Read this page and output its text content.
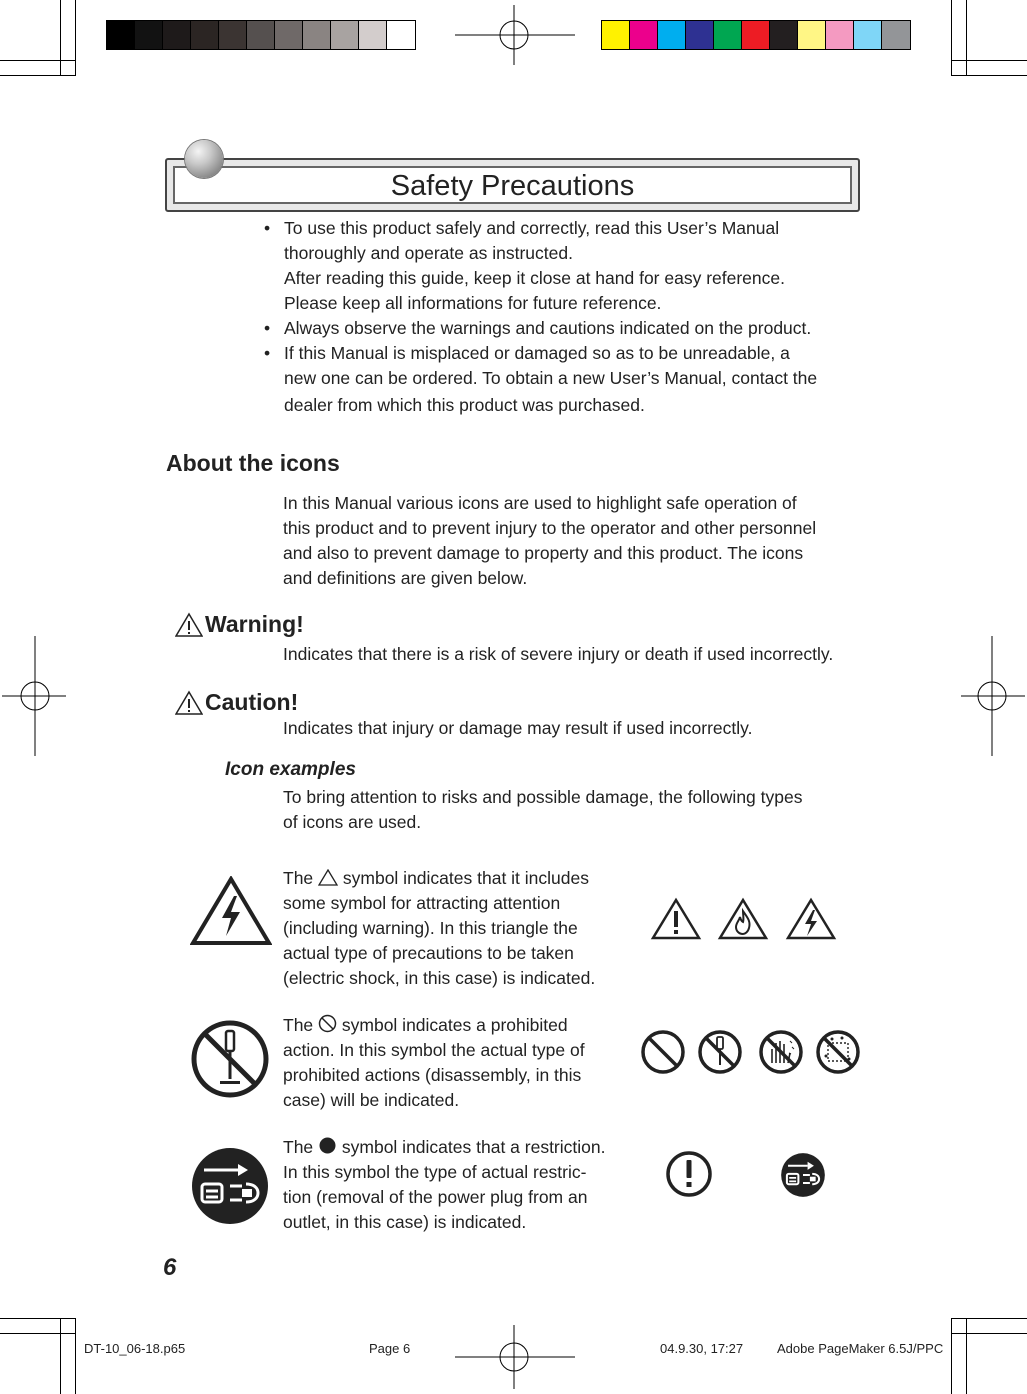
Safety Precautions
• To use this product safely and correctly, read this User’s Manual
thoroughly and operate as instructed.
After reading this guide, keep it close at hand for easy reference.
Please keep all informations for future reference.
• Always observe the warnings and cautions indicated on the product.
• If this Manual is misplaced or damaged so as to be unreadable, a
new one can be ordered. To obtain a new User’s Manual, contact the
dealer from which this product was purchased.
About the icons
In this Manual various icons are used to highlight safe operation of
this product and to prevent injury to the operator and other personnel
and also to prevent damage to property and this product. The icons
and definitions are given below.
Warning!
Indicates that there is a risk of severe injury or death if used incorrectly.
Caution!
Indicates that injury or damage may result if used incorrectly.
Icon examples
To bring attention to risks and possible damage, the following types
of icons are used.
The  symbol indicates that it includes
some symbol for attracting attention
(including warning). In this triangle the
actual type of precautions to be taken
(electric shock, in this case) is indicated.
The  symbol indicates a prohibited
action. In this symbol the actual type of
prohibited actions (disassembly, in this
case) will be indicated.
The  symbol indicates that a restriction.
In this symbol the type of actual restric-
tion (removal of the power plug from an
outlet, in this case) is indicated.
6
DT-10_06-18.p65	Page 6	04.9.30, 17:27	Adobe PageMaker 6.5J/PPC
